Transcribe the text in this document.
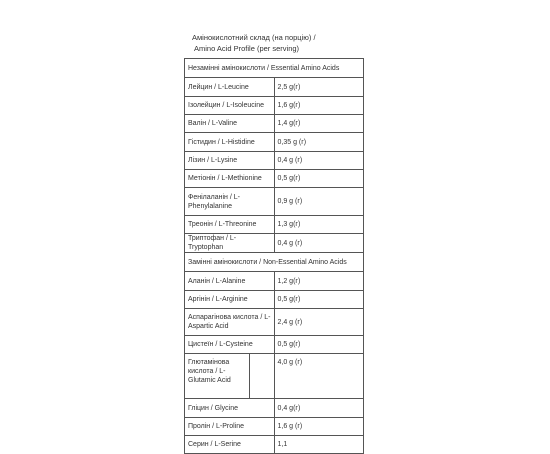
Амінокислотний склад (на порцію) /
Amino Acid Profile (per serving)
Незамінні амінокислоти / Essential Amino Acids	
Лейцин / L-Leucine	2,5 g(г)
Ізолейцин / L-Isoleucine	1,6 g(г)
Валін / L-Valine	1,4 g(г)
Гістидин / L-Histidine	0,35 g (г)
Лізин / L-Lysine	0,4 g (г)
Метіонін / L-Methionine	0,5 g(г)

Фенілаланін / L-
Phenylalanine	0,9 g (г)
Треонін / L-Threonine	1,3 g(г)
Триптофан / L-Tryptophan	0,4 g (г)
Замінні амінокислоти / Non-Essential Amino Acids	
Аланін / L-Alanine	1,2 g(г)
Аргінін / L-Arginine	0,5 g(г)

Аспарагінова кислота / L-
Aspartic Acid	2,4 g (г)
Цистеїн / L-Cysteine	0,5 g(г)

Глютамінова
кислота / L-
Glutamic Acid	4,0 g (г)
Гліцин / Glycine	0,4 g(г)
Пролін / L-Proline	1,6 g (г)
Серин / L-Serine	1,1
